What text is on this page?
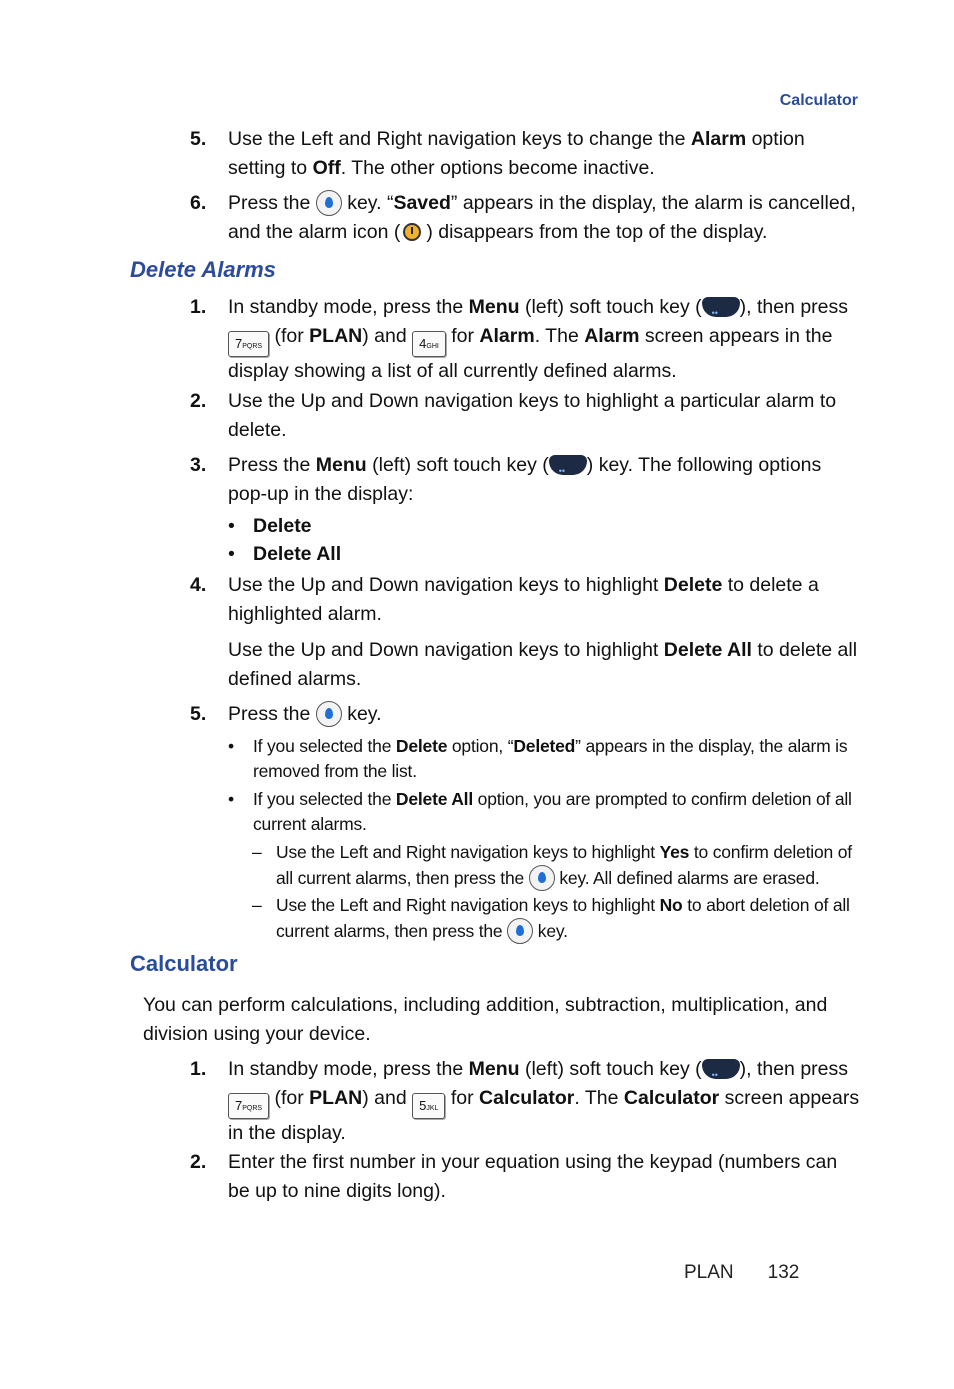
Calculator
5.	Use the Left and Right navigation keys to change the Alarm option setting to Off. The other options become inactive.
6.	Press the  key. “Saved” appears in the display, the alarm is cancelled, and the alarm icon ( ) disappears from the top of the display.
Delete Alarms
1.	In standby mode, press the Menu (left) soft touch key ( •• ), then press 7PQRS (for PLAN) and 4GHI for Alarm. The Alarm screen appears in the display showing a list of all currently defined alarms.
2.	Use the Up and Down navigation keys to highlight a particular alarm to delete.
3.	Press the Menu (left) soft touch key ( •• ) key. The following options pop-up in the display:
• Delete
• Delete All
4.	Use the Up and Down navigation keys to highlight Delete to delete a highlighted alarm.
Use the Up and Down navigation keys to highlight Delete All to delete all defined alarms.
5.	Press the  key.
• If you selected the Delete option, “Deleted” appears in the display, the alarm is removed from the list.
• If you selected the Delete All option, you are prompted to confirm deletion of all current alarms.
– Use the Left and Right navigation keys to highlight Yes to confirm deletion of all current alarms, then press the  key. All defined alarms are erased.
– Use the Left and Right navigation keys to highlight No to abort deletion of all current alarms, then press the  key.
Calculator
You can perform calculations, including addition, subtraction, multiplication, and division using your device.
1.	In standby mode, press the Menu (left) soft touch key ( •• ), then press 7PQRS (for PLAN) and 5JKL for Calculator. The Calculator screen appears in the display.
2.	Enter the first number in your equation using the keypad (numbers can be up to nine digits long).
PLAN 132
